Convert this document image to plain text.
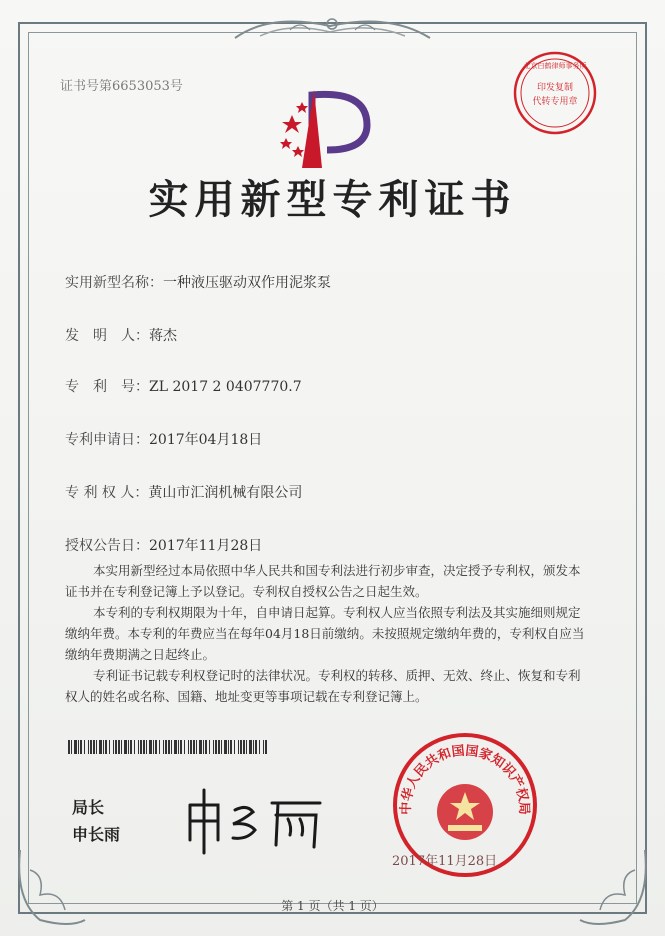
证书号第6653053号	印发复制
代转专用章
北京白鹤律师事务所
实用新型专利证书
实用新型名称：一种液压驱动双作用泥浆泵
发　明　人：蒋杰
专　利　号：ZL 2017 2 0407770.7
专利申请日：2017年04月18日
专 利 权 人：黄山市汇润机械有限公司
授权公告日：2017年11月28日

本实用新型经过本局依照中华人民共和国专利法进行初步审查，决定授予专利权，颁发本证书并在专利登记簿上予以登记。专利权自授权公告之日起生效。

本专利的专利权期限为十年，自申请日起算。专利权人应当依照专利法及其实施细则规定缴纳年费。本专利的年费应当在每年04月18日前缴纳。未按照规定缴纳年费的，专利权自应当缴纳年费期满之日起终止。

专利证书记载专利权登记时的法律状况。专利权的转移、质押、无效、终止、恢复和专利权人的姓名或名称、国籍、地址变更等事项记载在专利登记簿上。

局长
申长雨
中华人民共和国国家知识产权局
2017年11月28日
第 1 页（共 1 页）
